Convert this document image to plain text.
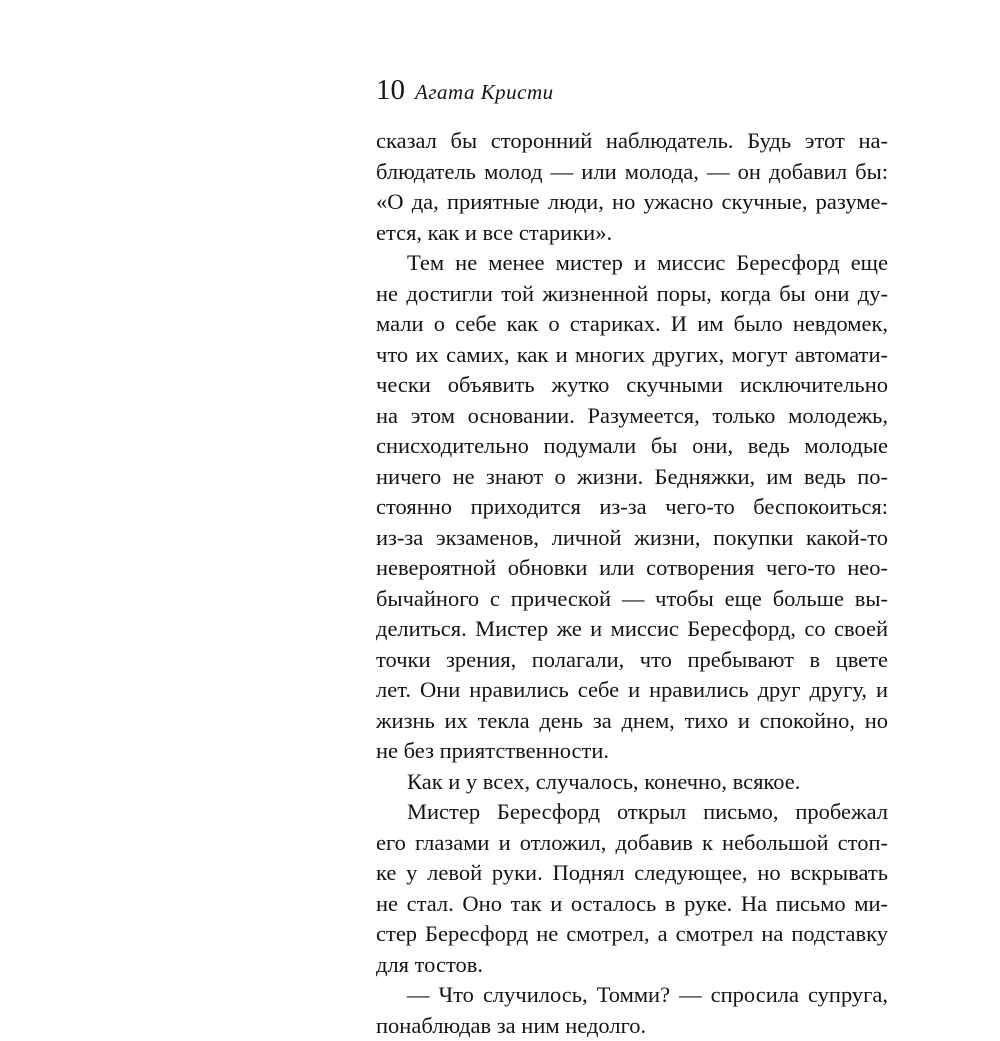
10 Агата Кристи
сказал бы сторонний наблюдатель. Будь этот на-
блюдатель молод — или молода, — он добавил бы:
«О да, приятные люди, но ужасно скучные, разуме-
ется, как и все старики».
Тем не менее мистер и миссис Бересфорд еще
не достигли той жизненной поры, когда бы они ду-
мали о себе как о стариках. И им было невдомек,
что их самих, как и многих других, могут автомати-
чески объявить жутко скучными исключительно
на этом основании. Разумеется, только молодежь,
снисходительно подумали бы они, ведь молодые
ничего не знают о жизни. Бедняжки, им ведь по-
стоянно приходится из-за чего-то беспокоиться:
из-за экзаменов, личной жизни, покупки какой-то
невероятной обновки или сотворения чего-то нео-
бычайного с прической — чтобы еще больше вы-
делиться. Мистер же и миссис Бересфорд, со своей
точки зрения, полагали, что пребывают в цвете
лет. Они нравились себе и нравились друг другу, и
жизнь их текла день за днем, тихо и спокойно, но
не без приятственности.
Как и у всех, случалось, конечно, всякое.
Мистер Бересфорд открыл письмо, пробежал
его глазами и отложил, добавив к небольшой стоп-
ке у левой руки. Поднял следующее, но вскрывать
не стал. Оно так и осталось в руке. На письмо ми-
стер Бересфорд не смотрел, а смотрел на подставку
для тостов.
— Что случилось, Томми? — спросила супруга,
понаблюдав за ним недолго.
